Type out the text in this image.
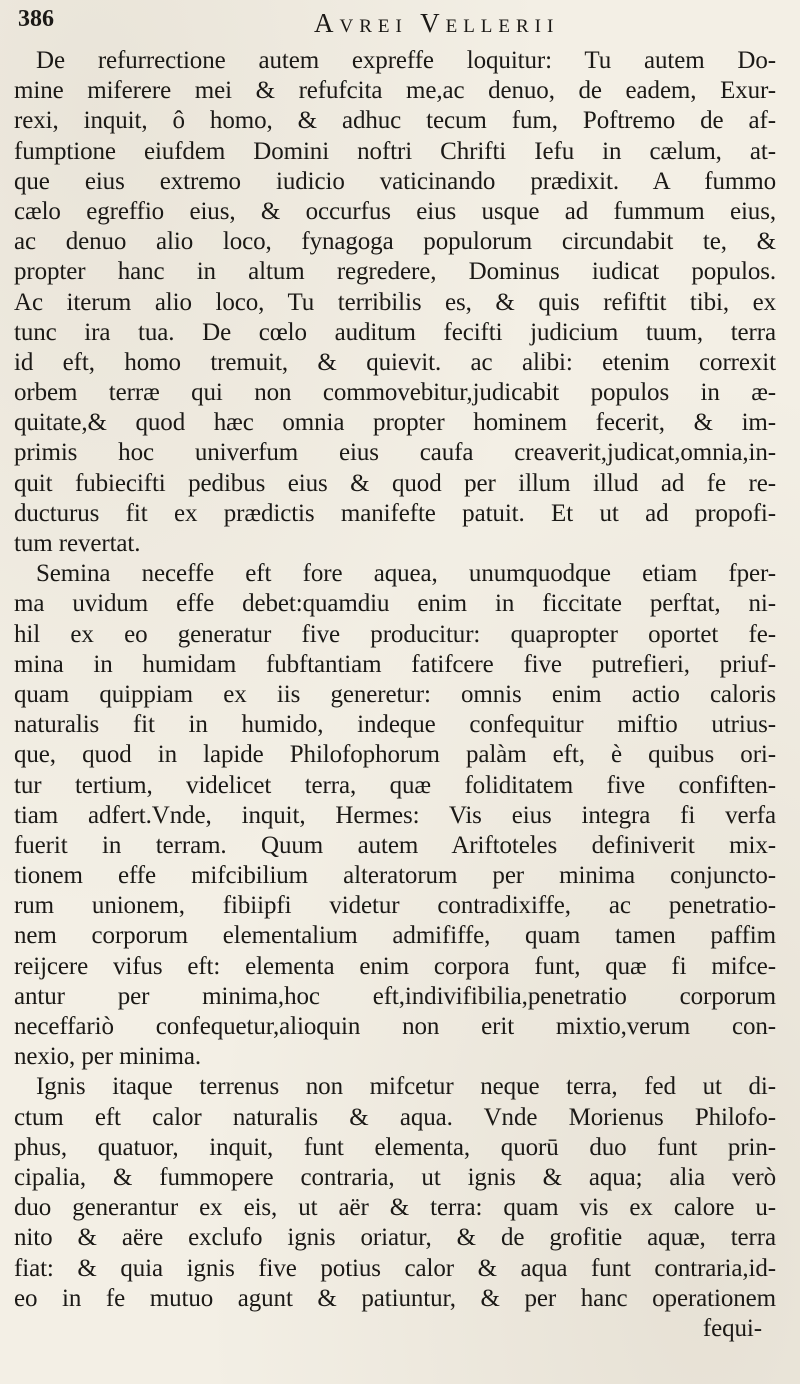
386	Avrei Vellerii
De refurrectione autem expreffe loquitur: Tu autem Do-
mine miferere mei & refufcita me,ac denuo, de eadem, Exur-
rexi, inquit, ô homo, & adhuc tecum fum, Poftremo de af-
fumptione eiufdem Domini noftri Chrifti Iefu in cælum, at-
que eius extremo iudicio vaticinando prædixit. A fummo
cælo egreffio eius, & occurfus eius usque ad fummum eius,
ac denuo alio loco, fynagoga populorum circundabit te, &
propter hanc in altum regredere, Dominus iudicat populos.
Ac iterum alio loco, Tu terribilis es, & quis refiftit tibi, ex
tunc ira tua. De cœlo auditum fecifti judicium tuum, terra
id eft, homo tremuit, & quievit. ac alibi: etenim correxit
orbem terræ qui non commovebitur,judicabit populos in æ-
quitate,& quod hæc omnia propter hominem fecerit, & im-
primis hoc univerfum eius caufa creaverit,judicat,omnia,in-
quit fubiecifti pedibus eius & quod per illum illud ad fe re-
ducturus fit ex prædictis manifefte patuit. Et ut ad propofi-
tum revertat.
Semina neceffe eft fore aquea, unumquodque etiam fper-
ma uvidum effe debet:quamdiu enim in ficcitate perftat, ni-
hil ex eo generatur five producitur: quapropter oportet fe-
mina in humidam fubftantiam fatifcere five putrefieri, priuf-
quam quippiam ex iis generetur: omnis enim actio caloris
naturalis fit in humido, indeque confequitur miftio utrius-
que, quod in lapide Philofophorum palàm eft, è quibus ori-
tur tertium, videlicet terra, quæ foliditatem five confiften-
tiam adfert.Vnde, inquit, Hermes: Vis eius integra fi verfa
fuerit in terram. Quum autem Ariftoteles definiverit mix-
tionem effe mifcibilium alteratorum per minima conjuncto-
rum unionem, fibiipfi videtur contradixiffe, ac penetratio-
nem corporum elementalium admififfe, quam tamen paffim
reijcere vifus eft: elementa enim corpora funt, quæ fi mifce-
antur per minima,hoc eft,indivifibilia,penetratio corporum
neceffariò confequetur,alioquin non erit mixtio,verum con-
nexio, per minima.
Ignis itaque terrenus non mifcetur neque terra, fed ut di-
ctum eft calor naturalis & aqua. Vnde Morienus Philofo-
phus, quatuor, inquit, funt elementa, quorū duo funt prin-
cipalia, & fummopere contraria, ut ignis & aqua; alia verò
duo generantur ex eis, ut aër & terra: quam vis ex calore u-
nito & aëre exclufo ignis oriatur, & de grofitie aquæ, terra
fiat: & quia ignis five potius calor & aqua funt contraria,id-
eo in fe mutuo agunt & patiuntur, & per hanc operationem
fequi-
